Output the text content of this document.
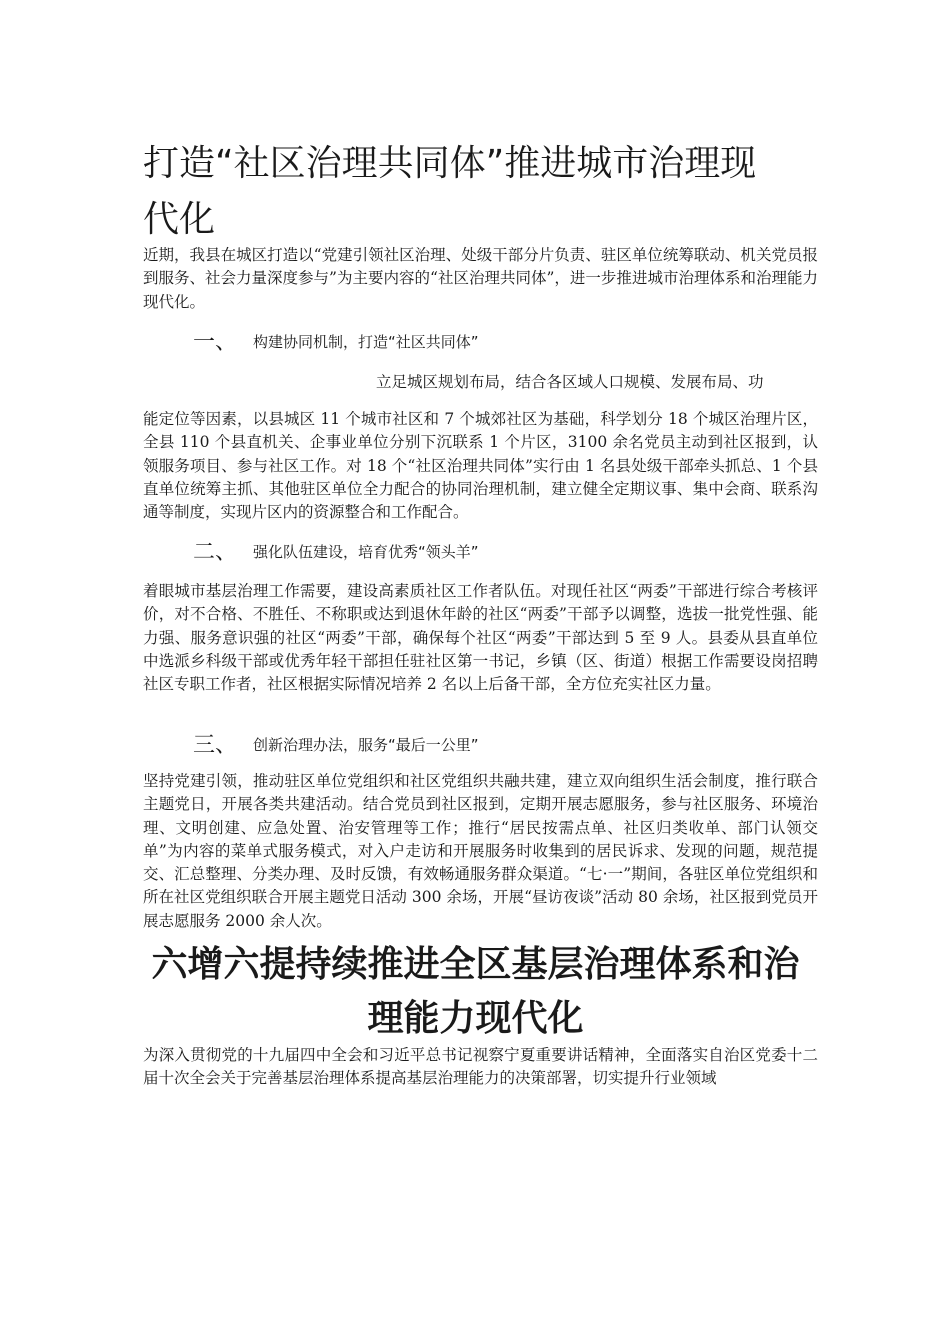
打造“社区治理共同体”推进城市治理现代化

近期，我县在城区打造以“党建引领社区治理、处级干部分片负责、驻区单位统筹联动、机关党员报到服务、社会力量深度参与”为主要内容的“社区治理共同体”，进一步推进城市治理体系和治理能力现代化。

一、 构建协同机制，打造“社区共同体”

立足城区规划布局，结合各区域人口规模、发展布局、功

能定位等因素，以县城区 11 个城市社区和 7 个城郊社区为基础，科学划分 18 个城区治理片区，全县 110 个县直机关、企事业单位分别下沉联系 1 个片区，3100 余名党员主动到社区报到，认领服务项目、参与社区工作。对 18 个“社区治理共同体”实行由 1 名县处级干部牵头抓总、1 个县直单位统筹主抓、其他驻区单位全力配合的协同治理机制，建立健全定期议事、集中会商、联系沟通等制度，实现片区内的资源整合和工作配合。

二、 强化队伍建设，培育优秀“领头羊”

着眼城市基层治理工作需要，建设高素质社区工作者队伍。对现任社区“两委”干部进行综合考核评价，对不合格、不胜任、不称职或达到退休年龄的社区“两委”干部予以调整，选拔一批党性强、能力强、服务意识强的社区“两委”干部，确保每个社区“两委”干部达到 5 至 9 人。县委从县直单位中选派乡科级干部或优秀年轻干部担任驻社区第一书记，乡镇（区、街道）根据工作需要设岗招聘社区专职工作者，社区根据实际情况培养 2 名以上后备干部，全方位充实社区力量。

三、 创新治理办法，服务“最后一公里”

坚持党建引领，推动驻区单位党组织和社区党组织共融共建，建立双向组织生活会制度，推行联合主题党日，开展各类共建活动。结合党员到社区报到，定期开展志愿服务，参与社区服务、环境治理、文明创建、应急处置、治安管理等工作；推行“居民按需点单、社区归类收单、部门认领交单”为内容的菜单式服务模式，对入户走访和开展服务时收集到的居民诉求、发现的问题，规范提交、汇总整理、分类办理、及时反馈，有效畅通服务群众渠道。“七·一”期间，各驻区单位党组织和所在社区党组织联合开展主题党日活动 300 余场，开展“昼访夜谈”活动 80 余场，社区报到党员开展志愿服务 2000 余人次。

六增六提持续推进全区基层治理体系和治理能力现代化

为深入贯彻党的十九届四中全会和习近平总书记视察宁夏重要讲话精神，全面落实自治区党委十二届十次全会关于完善基层治理体系提高基层治理能力的决策部署，切实提升行业领域
